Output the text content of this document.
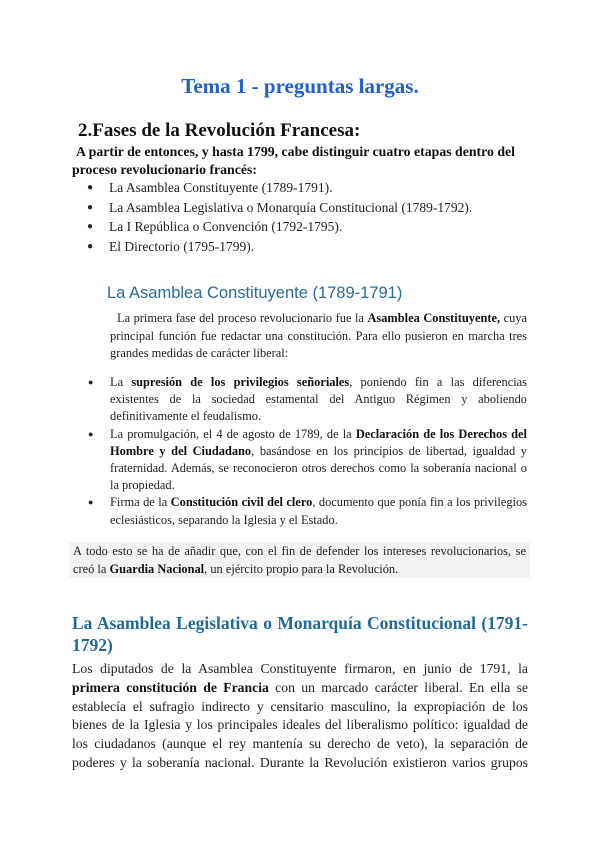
Tema 1 - preguntas largas.
2.Fases de la Revolución Francesa:

A partir de entonces, y hasta 1799, cabe distinguir cuatro etapas dentro del proceso revolucionario francés:

● La Asamblea Constituyente (1789-1791).
● La Asamblea Legislativa o Monarquía Constitucional (1789-1792).
● La I República o Convención (1792-1795).
● El Directorio (1795-1799).
La Asamblea Constituyente (1789-1791)

La primera fase del proceso revolucionario fue la Asamblea Constituyente, cuya principal función fue redactar una constitución. Para ello pusieron en marcha tres grandes medidas de carácter liberal:

● La supresión de los privilegios señoriales, poniendo fin a las diferencias existentes de la sociedad estamental del Antiguo Régimen y aboliendo definitivamente el feudalismo.
● La promulgación, el 4 de agosto de 1789, de la Declaración de los Derechos del Hombre y del Ciudadano, basándose en los principios de libertad, igualdad y fraternidad. Además, se reconocieron otros derechos como la soberanía nacional o la propiedad.
● Firma de la Constitución civil del clero, documento que ponía fin a los privilegios eclesiásticos, separando la Iglesia y el Estado.
A todo esto se ha de añadir que, con el fin de defender los intereses revolucionarios, se creó la Guardia Nacional, un ejército propio para la Revolución.
La Asamblea Legislativa o Monarquía Constitucional (1791-1792)

Los diputados de la Asamblea Constituyente firmaron, en junio de 1791, la
primera constitución de Francia con un marcado carácter liberal. En ella se
establecía el sufragio indirecto y censitario masculino, la expropiación de los
bienes de la Iglesia y los principales ideales del liberalismo político: igualdad de
los ciudadanos (aunque el rey mantenía su derecho de veto), la separación de
poderes y la soberanía nacional. Durante la Revolución existieron varios grupos
